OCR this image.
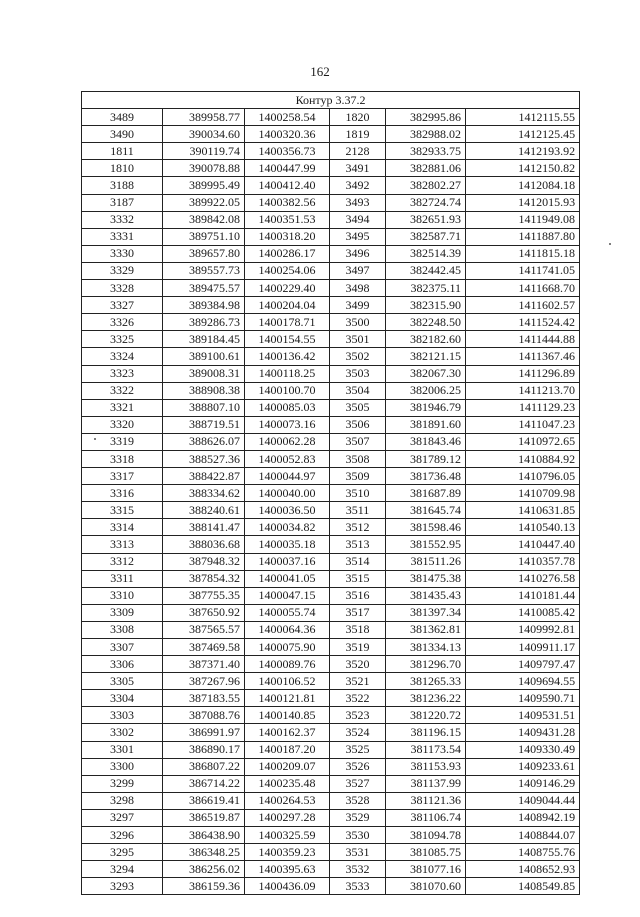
162
Контур 3.37.2					
3489	389958.77	1400258.54	1820	382995.86	1412115.55
3490	390034.60	1400320.36	1819	382988.02	1412125.45
1811	390119.74	1400356.73	2128	382933.75	1412193.92
1810	390078.88	1400447.99	3491	382881.06	1412150.82
3188	389995.49	1400412.40	3492	382802.27	1412084.18
3187	389922.05	1400382.56	3493	382724.74	1412015.93
3332	389842.08	1400351.53	3494	382651.93	1411949.08
3331	389751.10	1400318.20	3495	382587.71	1411887.80
3330	389657.80	1400286.17	3496	382514.39	1411815.18
3329	389557.73	1400254.06	3497	382442.45	1411741.05
3328	389475.57	1400229.40	3498	382375.11	1411668.70
3327	389384.98	1400204.04	3499	382315.90	1411602.57
3326	389286.73	1400178.71	3500	382248.50	1411524.42
3325	389184.45	1400154.55	3501	382182.60	1411444.88
3324	389100.61	1400136.42	3502	382121.15	1411367.46
3323	389008.31	1400118.25	3503	382067.30	1411296.89
3322	388908.38	1400100.70	3504	382006.25	1411213.70
3321	388807.10	1400085.03	3505	381946.79	1411129.23
3320	388719.51	1400073.16	3506	381891.60	1411047.23
3319	388626.07	1400062.28	3507	381843.46	1410972.65
3318	388527.36	1400052.83	3508	381789.12	1410884.92
3317	388422.87	1400044.97	3509	381736.48	1410796.05
3316	388334.62	1400040.00	3510	381687.89	1410709.98
3315	388240.61	1400036.50	3511	381645.74	1410631.85
3314	388141.47	1400034.82	3512	381598.46	1410540.13
3313	388036.68	1400035.18	3513	381552.95	1410447.40
3312	387948.32	1400037.16	3514	381511.26	1410357.78
3311	387854.32	1400041.05	3515	381475.38	1410276.58
3310	387755.35	1400047.15	3516	381435.43	1410181.44
3309	387650.92	1400055.74	3517	381397.34	1410085.42
3308	387565.57	1400064.36	3518	381362.81	1409992.81
3307	387469.58	1400075.90	3519	381334.13	1409911.17
3306	387371.40	1400089.76	3520	381296.70	1409797.47
3305	387267.96	1400106.52	3521	381265.33	1409694.55
3304	387183.55	1400121.81	3522	381236.22	1409590.71
3303	387088.76	1400140.85	3523	381220.72	1409531.51
3302	386991.97	1400162.37	3524	381196.15	1409431.28
3301	386890.17	1400187.20	3525	381173.54	1409330.49
3300	386807.22	1400209.07	3526	381153.93	1409233.61
3299	386714.22	1400235.48	3527	381137.99	1409146.29
3298	386619.41	1400264.53	3528	381121.36	1409044.44
3297	386519.87	1400297.28	3529	381106.74	1408942.19
3296	386438.90	1400325.59	3530	381094.78	1408844.07
3295	386348.25	1400359.23	3531	381085.75	1408755.76
3294	386256.02	1400395.63	3532	381077.16	1408652.93
3293	386159.36	1400436.09	3533	381070.60	1408549.85
